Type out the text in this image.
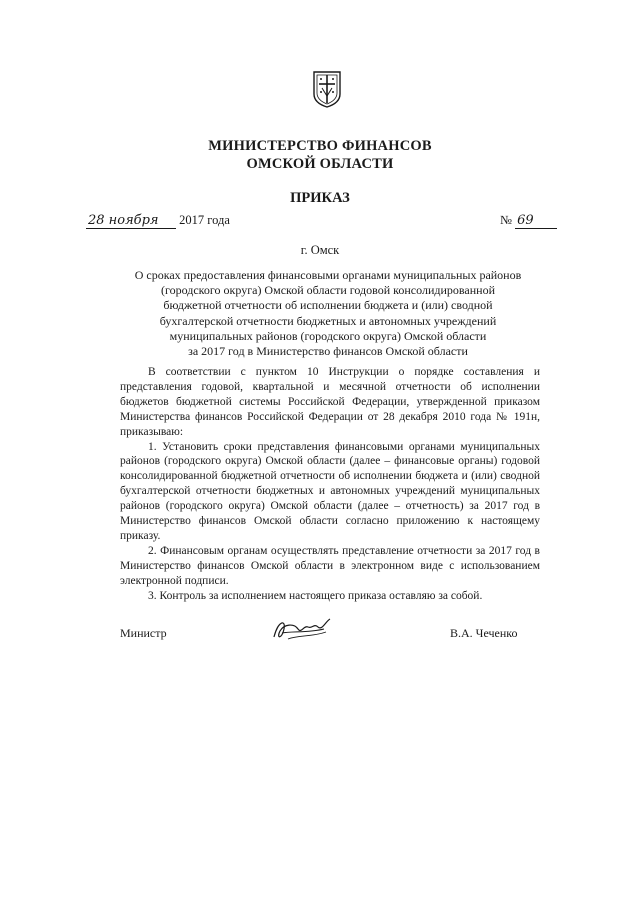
МИНИСТЕРСТВО ФИНАНСОВ
ОМСКОЙ ОБЛАСТИ
ПРИКАЗ
28 ноября 2017 года	№ 69
г. Омск
О сроках предоставления финансовыми органами муниципальных районов
(городского округа) Омской области годовой консолидированной
бюджетной отчетности об исполнении бюджета и (или) сводной
бухгалтерской отчетности бюджетных и автономных учреждений
муниципальных районов (городского округа) Омской области
за 2017 год в Министерство финансов Омской области

В соответствии с пунктом 10 Инструкции о порядке составления и представления годовой, квартальной и месячной отчетности об исполнении бюджетов бюджетной системы Российской Федерации, утвержденной приказом Министерства финансов Российской Федерации от 28 декабря 2010 года № 191н, приказываю:

1. Установить сроки представления финансовыми органами муниципальных районов (городского округа) Омской области (далее – финансовые органы) годовой консолидированной бюджетной отчетности об исполнении бюджета и (или) сводной бухгалтерской отчетности бюджетных и автономных учреждений муниципальных районов (городского округа) Омской области (далее – отчетность) за 2017 год в Министерство финансов Омской области согласно приложению к настоящему приказу.

2. Финансовым органам осуществлять представление отчетности за 2017 год в Министерство финансов Омской области в электронном виде с использованием электронной подписи.

3. Контроль за исполнением настоящего приказа оставляю за собой.

Министр	В.А. Чеченко
